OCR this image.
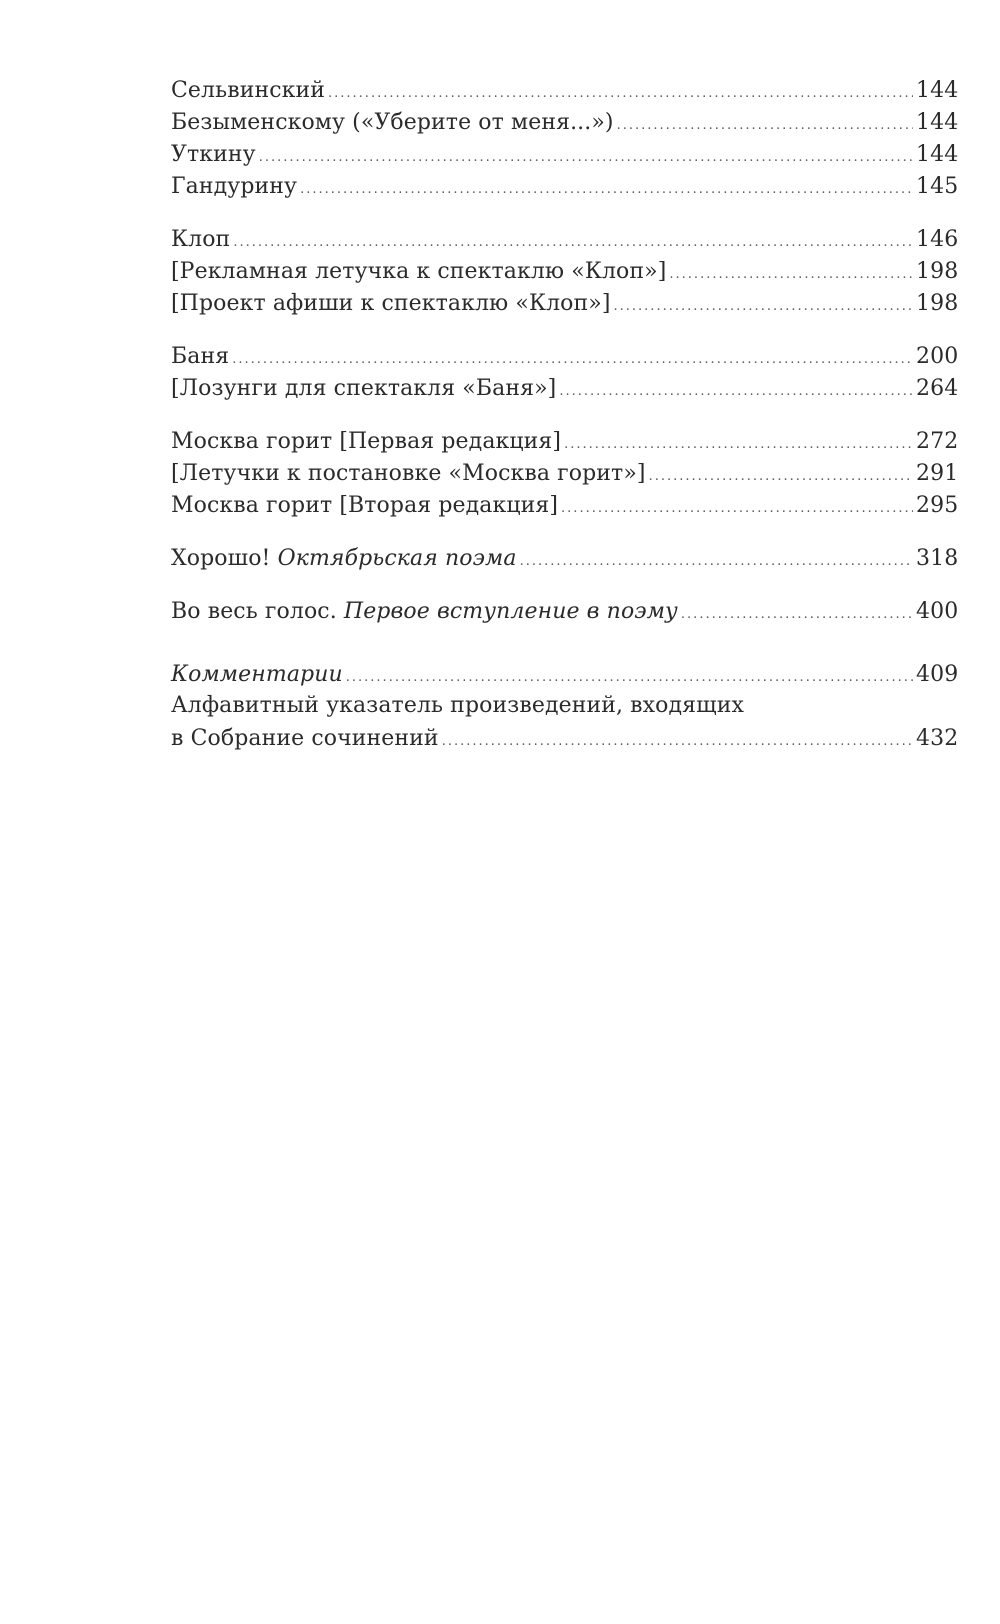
Сельвинский .....	144
Безыменскому («Уберите от меня...») .....	144
Уткину .....	144
Гандурину .....	145
Клоп .....	146
[Рекламная летучка к спектаклю «Клоп»] .....	198
[Проект афиши к спектаклю «Клоп»] .....	198
Баня .....	200
[Лозунги для спектакля «Баня»] .....	264
Москва горит [Первая редакция] .....	272
[Летучки к постановке «Москва горит»] .....	291
Москва горит [Вторая редакция] .....	295
Хорошо! Октябрьская поэма .....	318
Во весь голос. Первое вступление в поэму .....	400
Комментарии .....	409
Алфавитный указатель произведений, входящих
в Собрание сочинений .....	432
